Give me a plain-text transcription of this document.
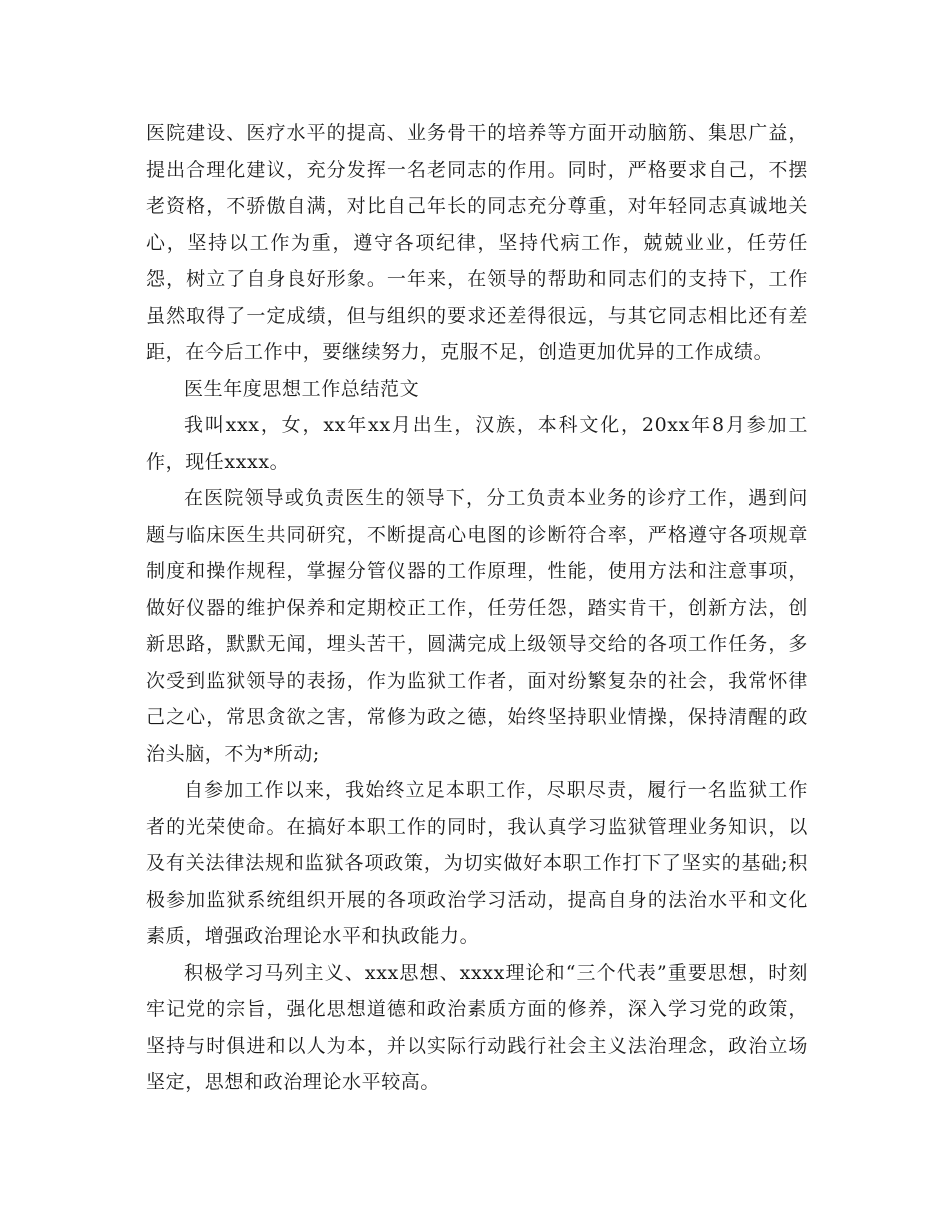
医院建设、医疗水平的提高、业务骨干的培养等方面开动脑筋、集思广益，提出合理化建议，充分发挥一名老同志的作用。同时，严格要求自己，不摆老资格，不骄傲自满，对比自己年长的同志充分尊重，对年轻同志真诚地关心，坚持以工作为重，遵守各项纪律，坚持代病工作，兢兢业业，任劳任怨，树立了自身良好形象。一年来，在领导的帮助和同志们的支持下，工作虽然取得了一定成绩，但与组织的要求还差得很远，与其它同志相比还有差距，在今后工作中，要继续努力，克服不足，创造更加优异的工作成绩。

医生年度思想工作总结范文

我叫xxx，女，xx年xx月出生，汉族，本科文化，20xx年8月参加工作，现任xxxx。

在医院领导或负责医生的领导下，分工负责本业务的诊疗工作，遇到问题与临床医生共同研究，不断提高心电图的诊断符合率，严格遵守各项规章制度和操作规程，掌握分管仪器的工作原理，性能，使用方法和注意事项，做好仪器的维护保养和定期校正工作，任劳任怨，踏实肯干，创新方法，创新思路，默默无闻，埋头苦干，圆满完成上级领导交给的各项工作任务，多次受到监狱领导的表扬，作为监狱工作者，面对纷繁复杂的社会，我常怀律己之心，常思贪欲之害，常修为政之德，始终坚持职业情操，保持清醒的政治头脑，不为*所动;

自参加工作以来，我始终立足本职工作，尽职尽责，履行一名监狱工作者的光荣使命。在搞好本职工作的同时，我认真学习监狱管理业务知识，以及有关法律法规和监狱各项政策，为切实做好本职工作打下了坚实的基础;积极参加监狱系统组织开展的各项政治学习活动，提高自身的法治水平和文化素质，增强政治理论水平和执政能力。

积极学习马列主义、xxx思想、xxxx理论和“三个代表”重要思想，时刻牢记党的宗旨，强化思想道德和政治素质方面的修养，深入学习党的政策，坚持与时俱进和以人为本，并以实际行动践行社会主义法治理念，政治立场坚定，思想和政治理论水平较高。
